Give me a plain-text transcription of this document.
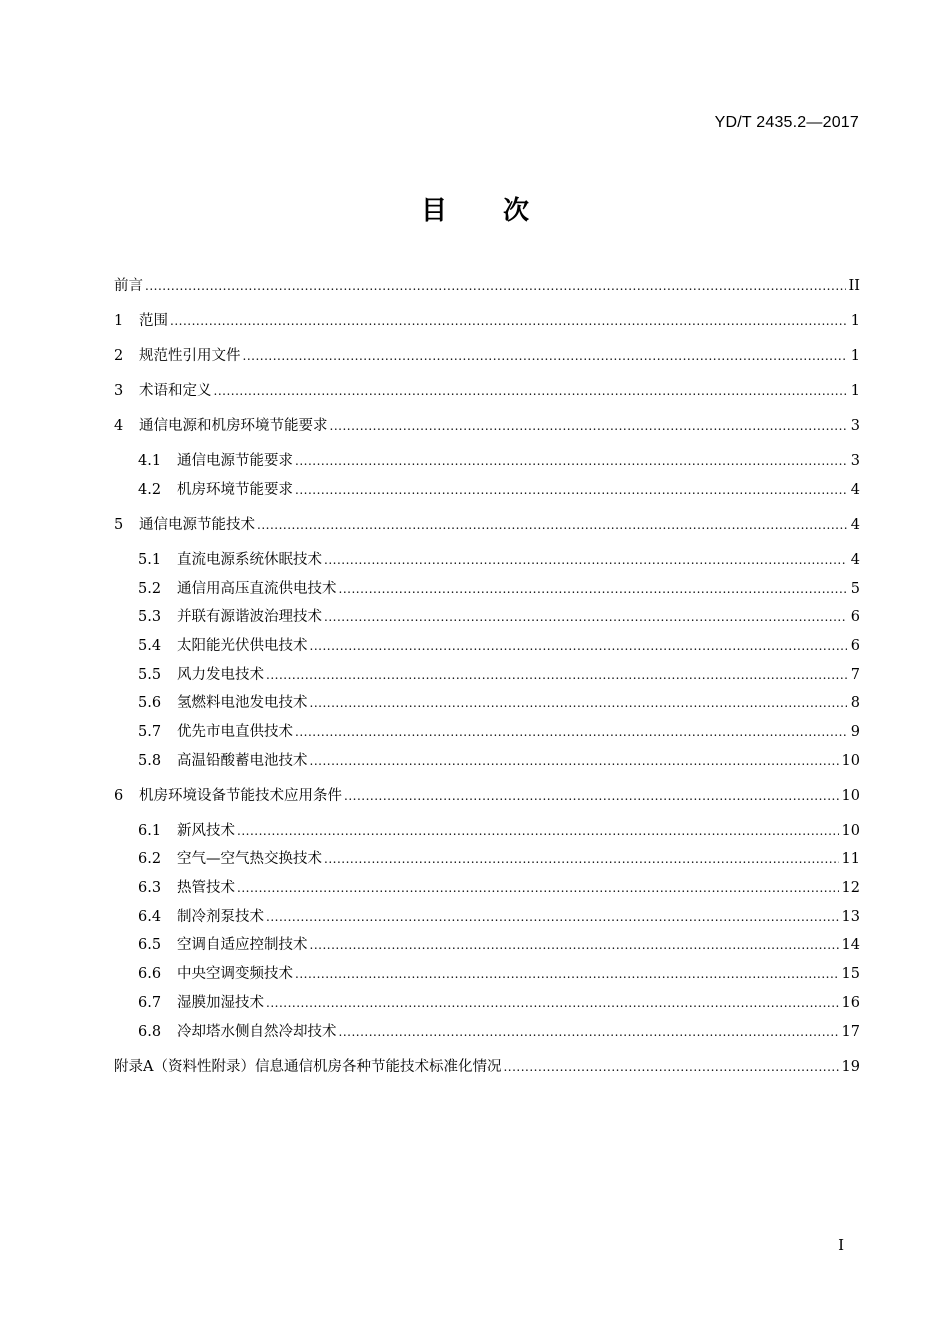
YD/T 2435.2—2017
目次
前言 .....	II
1	范围 .....	1
2	规范性引用文件 .....	1
3	术语和定义 .....	1
4	通信电源和机房环境节能要求 .....	3
4.1	通信电源节能要求 .....	3
4.2	机房环境节能要求 .....	4
5	通信电源节能技术 .....	4
5.1	直流电源系统休眠技术 .....	4
5.2	通信用高压直流供电技术 .....	5
5.3	并联有源谐波治理技术 .....	6
5.4	太阳能光伏供电技术 .....	6
5.5	风力发电技术 .....	7
5.6	氢燃料电池发电技术 .....	8
5.7	优先市电直供技术 .....	9
5.8	高温铅酸蓄电池技术 .....	10
6	机房环境设备节能技术应用条件 .....	10
6.1	新风技术 .....	10
6.2	空气—空气热交换技术 .....	11
6.3	热管技术 .....	12
6.4	制冷剂泵技术 .....	13
6.5	空调自适应控制技术 .....	14
6.6	中央空调变频技术 .....	15
6.7	湿膜加湿技术 .....	16
6.8	冷却塔水侧自然冷却技术 .....	17
附录A（资料性附录）信息通信机房各种节能技术标准化情况 .....	19
I
